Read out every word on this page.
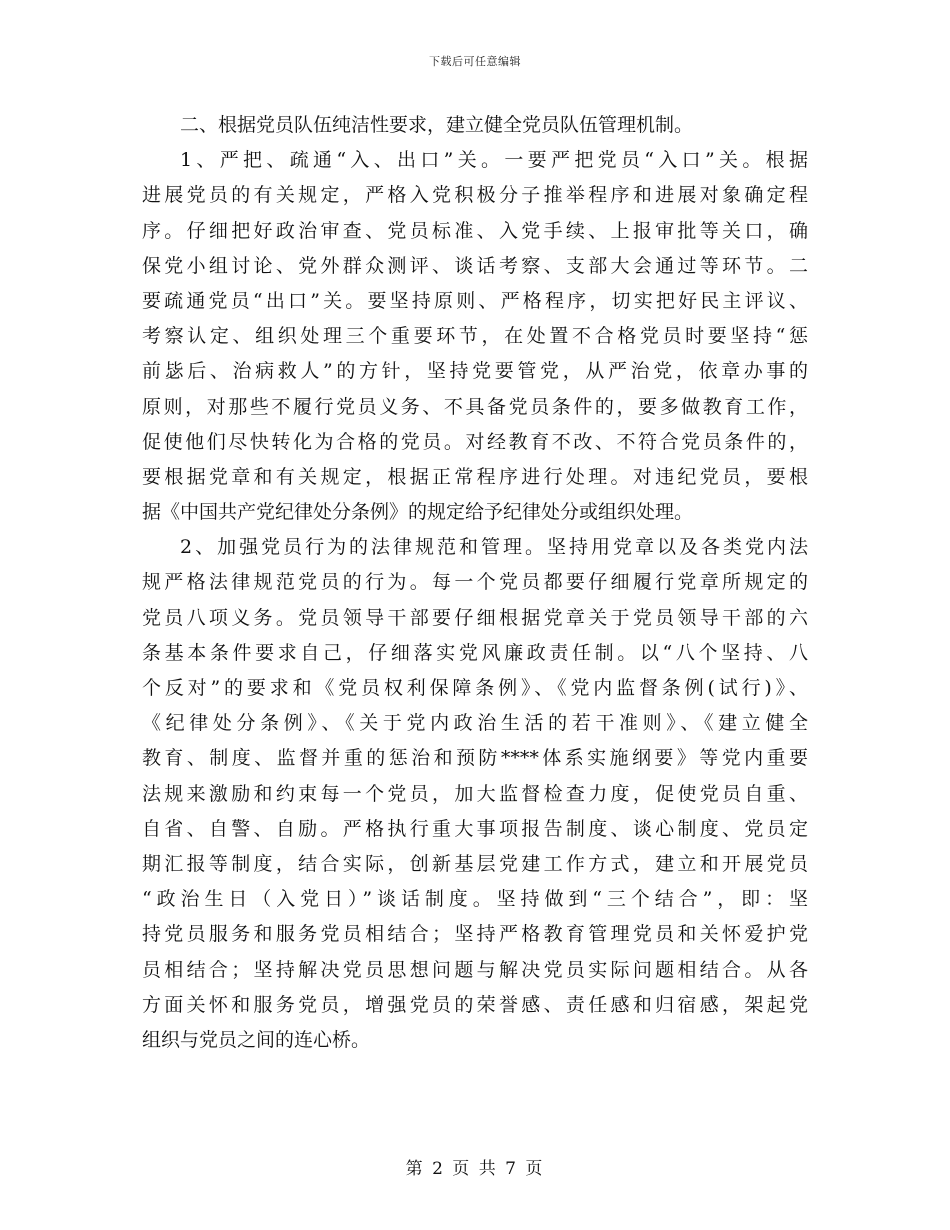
下载后可任意编辑
二、根据党员队伍纯洁性要求，建立健全党员队伍管理机制。
1、严把、疏通“入、出口”关。一要严把党员“入口”关。根据
进展党员的有关规定，严格入党积极分子推举程序和进展对象确定程
序。仔细把好政治审查、党员标准、入党手续、上报审批等关口，确
保党小组讨论、党外群众测评、谈话考察、支部大会通过等环节。二
要疏通党员“出口”关。要坚持原则、严格程序，切实把好民主评议、
考察认定、组织处理三个重要环节，在处置不合格党员时要坚持“惩
前毖后、治病救人”的方针，坚持党要管党，从严治党，依章办事的
原则，对那些不履行党员义务、不具备党员条件的，要多做教育工作，
促使他们尽快转化为合格的党员。对经教育不改、不符合党员条件的，
要根据党章和有关规定，根据正常程序进行处理。对违纪党员，要根
据《中国共产党纪律处分条例》的规定给予纪律处分或组织处理。
2、加强党员行为的法律规范和管理。坚持用党章以及各类党内法
规严格法律规范党员的行为。每一个党员都要仔细履行党章所规定的
党员八项义务。党员领导干部要仔细根据党章关于党员领导干部的六
条基本条件要求自己，仔细落实党风廉政责任制。以“八个坚持、八
个反对”的要求和《党员权利保障条例》、《党内监督条例(试行)》、
《纪律处分条例》、《关于党内政治生活的若干准则》、《建立健全
教育、制度、监督并重的惩治和预防****体系实施纲要》等党内重要
法规来激励和约束每一个党员，加大监督检查力度，促使党员自重、
自省、自警、自励。严格执行重大事项报告制度、谈心制度、党员定
期汇报等制度，结合实际，创新基层党建工作方式，建立和开展党员
“政治生日（入党日）”谈话制度。坚持做到“三个结合”，即：坚
持党员服务和服务党员相结合；坚持严格教育管理党员和关怀爱护党
员相结合；坚持解决党员思想问题与解决党员实际问题相结合。从各
方面关怀和服务党员，增强党员的荣誉感、责任感和归宿感，架起党
组织与党员之间的连心桥。
第 2 页 共 7 页
